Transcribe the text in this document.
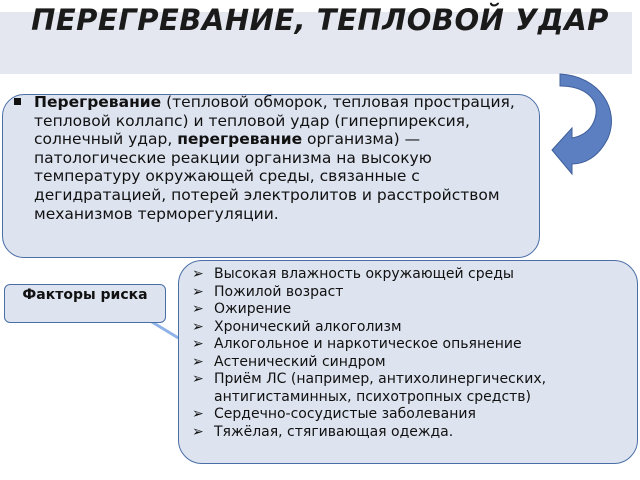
ПЕРЕГРЕВАНИЕ, ТЕПЛОВОЙ УДАР
Перегревание (тепловой обморок, тепловая прострация, тепловой коллапс) и тепловой удар (гиперпирексия, солнечный удар, перегревание организма) — патологические реакции организма на высокую температуру окружающей среды, связанные с дегидратацией, потерей электролитов и расстройством механизмов терморегуляции.
➢ Высокая влажность окружающей среды
➢ Пожилой возраст
➢ Ожирение
➢ Хронический алкоголизм
➢ Алкогольное и наркотическое опьянение
➢ Астенический синдром
➢ Приём ЛС (например, антихолинергических, антигистаминных, психотропных средств)
➢ Сердечно-сосудистые заболевания
➢ Тяжёлая, стягивающая одежда.
Факторы риска
